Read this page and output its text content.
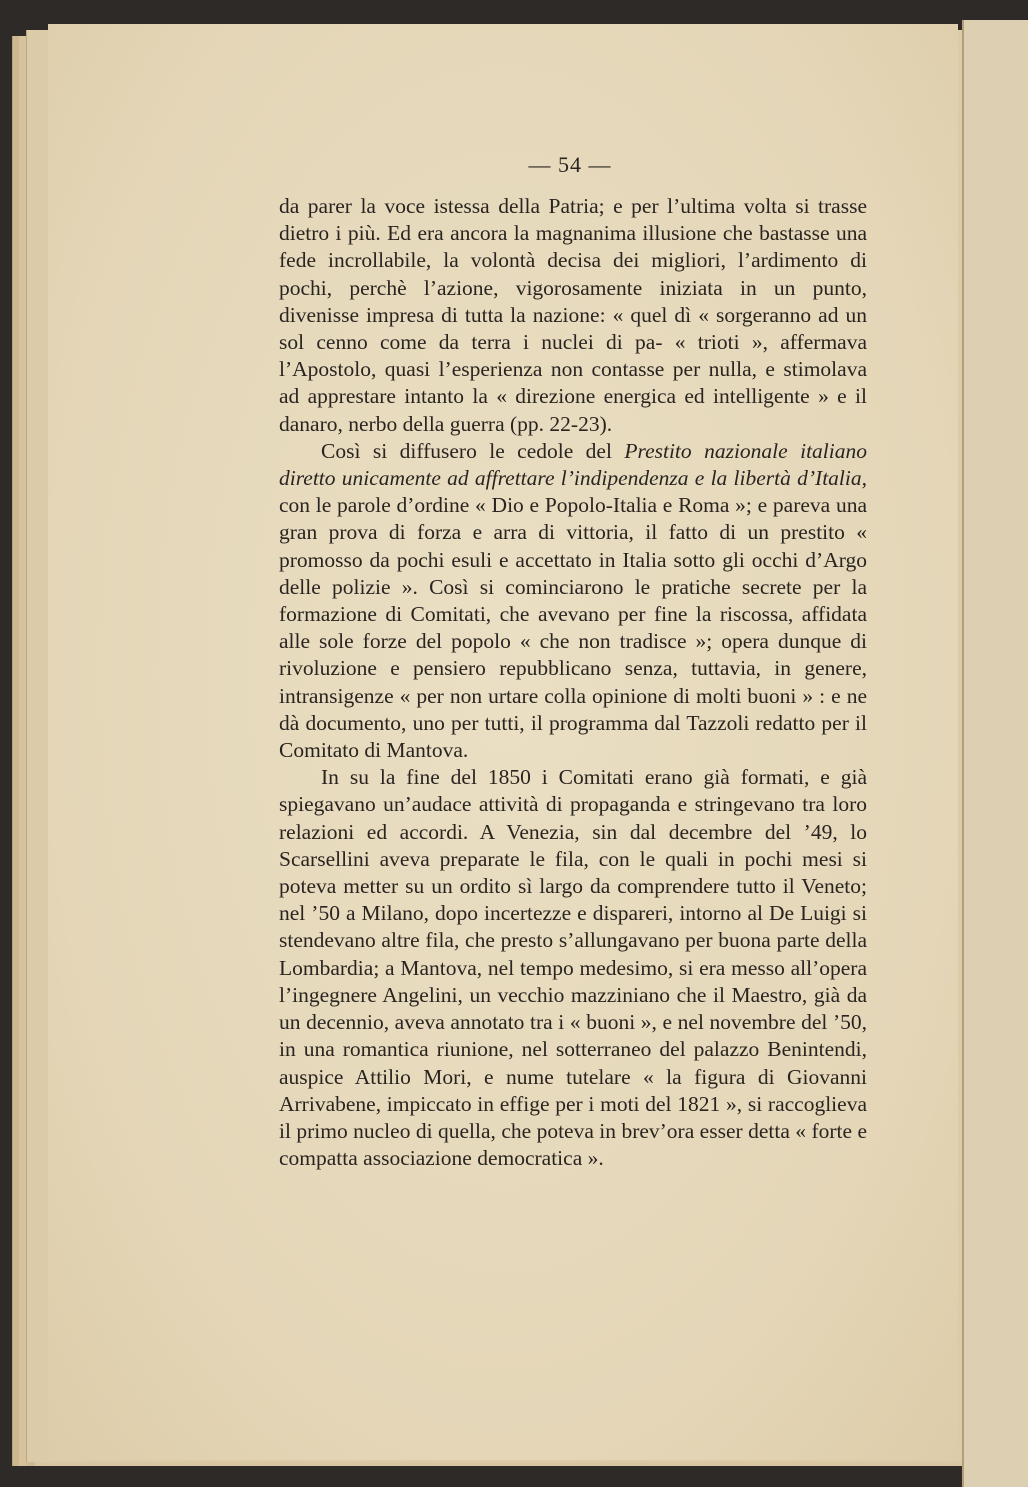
— 54 —

da parer la voce istessa della Patria; e per l’ultima volta si trasse dietro i più. Ed era ancora la magnanima illusione che bastasse una fede incrollabile, la volontà decisa dei migliori, l’ardimento di pochi, perchè l’azione, vigorosamente iniziata in un punto, divenisse impresa di tutta la nazione: « quel dì « sorgeranno ad un sol cenno come da terra i nuclei di pa- « trioti », affermava l’Apostolo, quasi l’esperienza non contasse per nulla, e stimolava ad apprestare intanto la « direzione energica ed intelligente » e il danaro, nerbo della guerra (pp. 22-23).

Così si diffusero le cedole del Prestito nazionale italiano diretto unicamente ad affrettare l’indipendenza e la libertà d’Italia, con le parole d’ordine « Dio e Popolo-Italia e Roma »; e pareva una gran prova di forza e arra di vittoria, il fatto di un prestito « promosso da pochi esuli e accettato in Italia sotto gli occhi d’Argo delle polizie ». Così si cominciarono le pratiche secrete per la formazione di Comitati, che avevano per fine la riscossa, affidata alle sole forze del popolo « che non tradisce »; opera dunque di rivoluzione e pensiero repubblicano senza, tuttavia, in genere, intransigenze « per non urtare colla opinione di molti buoni » : e ne dà documento, uno per tutti, il programma dal Tazzoli redatto per il Comitato di Mantova.

In su la fine del 1850 i Comitati erano già formati, e già spiegavano un’audace attività di propaganda e stringevano tra loro relazioni ed accordi. A Venezia, sin dal decembre del ’49, lo Scarsellini aveva preparate le fila, con le quali in pochi mesi si poteva metter su un ordito sì largo da comprendere tutto il Veneto; nel ’50 a Milano, dopo incertezze e dispareri, intorno al De Luigi si stendevano altre fila, che presto s’allungavano per buona parte della Lombardia; a Mantova, nel tempo medesimo, si era messo all’opera l’ingegnere Angelini, un vecchio mazziniano che il Maestro, già da un decennio, aveva annotato tra i « buoni », e nel novembre del ’50, in una romantica riunione, nel sotterraneo del palazzo Benintendi, auspice Attilio Mori, e nume tutelare « la figura di Giovanni Arrivabene, impiccato in effige per i moti del 1821 », si raccoglieva il primo nucleo di quella, che poteva in brev’ora esser detta « forte e compatta associazione democratica ».
